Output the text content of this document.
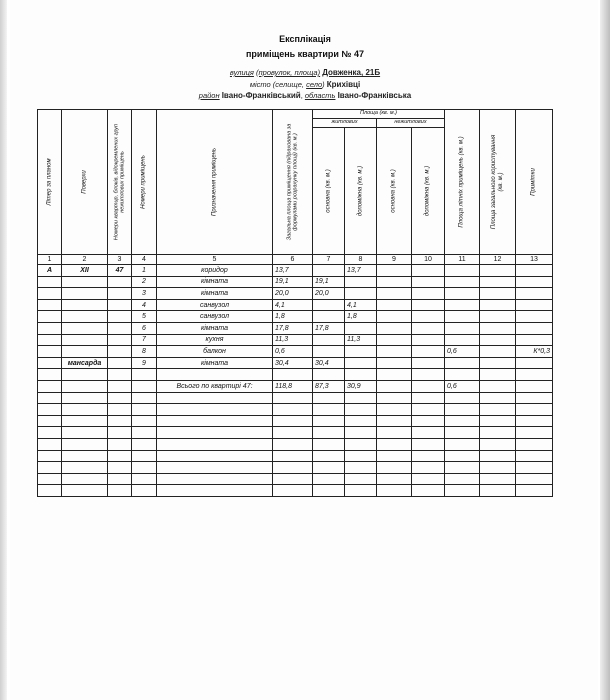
Експлікація
приміщень квартири № 47
вулиця (провулок, площа) Довженка, 21Б
місто (селище, село) Крихівці
район Івано-Франківський, область Івано-Франківська
Літер за планом	Поверхи	Номери квартир, блоків, відокремлених груп нежитлових приміщень	Номери приміщень	Призначення приміщень	Загальна площа приміщення (підрахована за формулами розрахунку площі) (кв. м.)	Площа (кв. м.)				Площа літніх приміщень (кв. м.)	Площа загального користування (кв. м.)	Примітки

						житлових		нежитлових				

						основна (кв. м.)	допоміжна (кв. м.)	основна (кв. м.)	допоміжна (кв. м.)			

1	2	3	4	5	6	7	8	9	10	11	12	13
А	XII	47	1	коридор	13,7		13,7					
			2	кімната	19,1	19,1						
			3	кімната	20,0	20,0						
			4	санвузол	4,1		4,1					
			5	санвузол	1,8		1,8					
			6	кімната	17,8	17,8						
			7	кухня	11,3		11,3					
			8	балкон	0,6					0,6		К*0,3
	мансарда		9	кімната	30,4	30,4						

				Всього по квартирі 47:	118,8	87,3	30,9			0,6		
